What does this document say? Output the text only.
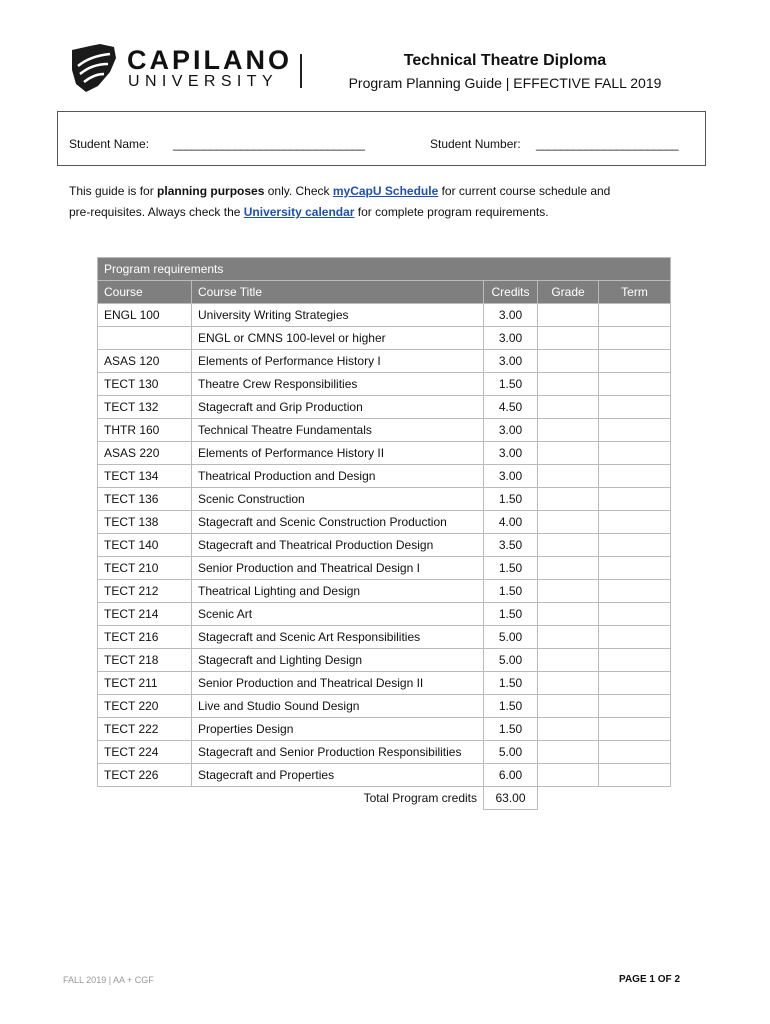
CAPILANO
UNIVERSITY
Technical Theatre Diploma
Program Planning Guide | EFFECTIVE FALL 2019
Student Name: _______________________________	Student Number: _______________________
This guide is for planning purposes only. Check myCapU Schedule for current course schedule and
pre-requisites. Always check the University calendar for complete program requirements.
Program requirements				
Course	Course Title	Credits	Grade	Term
ENGL 100	University Writing Strategies	3.00		
	ENGL or CMNS 100-level or higher	3.00		
ASAS 120	Elements of Performance History I	3.00		
TECT 130	Theatre Crew Responsibilities	1.50		
TECT 132	Stagecraft and Grip Production	4.50		
THTR 160	Technical Theatre Fundamentals	3.00		
ASAS 220	Elements of Performance History II	3.00		
TECT 134	Theatrical Production and Design	3.00		
TECT 136	Scenic Construction	1.50		
TECT 138	Stagecraft and Scenic Construction Production	4.00		
TECT 140	Stagecraft and Theatrical Production Design	3.50		
TECT 210	Senior Production and Theatrical Design I	1.50		
TECT 212	Theatrical Lighting and Design	1.50		
TECT 214	Scenic Art	1.50		
TECT 216	Stagecraft and Scenic Art Responsibilities	5.00		
TECT 218	Stagecraft and Lighting Design	5.00		
TECT 211	Senior Production and Theatrical Design II	1.50		
TECT 220	Live and Studio Sound Design	1.50		
TECT 222	Properties Design	1.50		
TECT 224	Stagecraft and Senior Production Responsibilities	5.00		
TECT 226	Stagecraft and Properties	6.00		
Total Program credits		63.00		
FALL 2019 | AA + CGF	PAGE 1 OF 2
